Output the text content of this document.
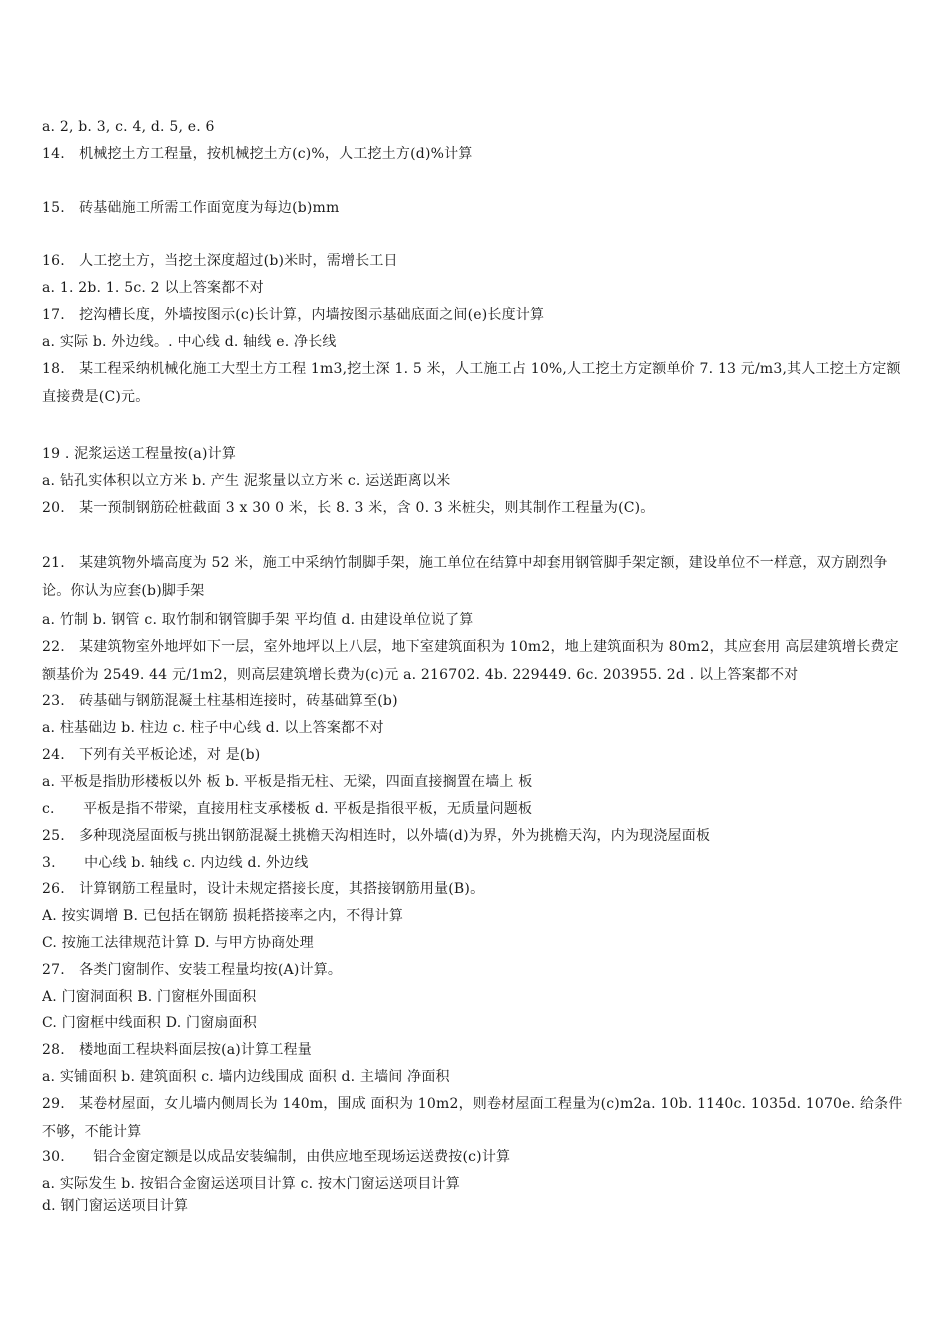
a. 2, b. 3, c. 4, d. 5, e. 6
14.　机械挖土方工程量，按机械挖土方(c)%，人工挖土方(d)%计算
15.　砖基础施工所需工作面宽度为每边(b)mm
16.　人工挖土方，当挖土深度超过(b)米时，需增长工日
a. 1. 2b. 1. 5c. 2 以上答案都不对
17.　挖沟槽长度，外墙按图示(c)长计算，内墙按图示基础底面之间(e)长度计算
a. 实际 b. 外边线。. 中心线 d. 轴线 e. 净长线
18.　某工程采纳机械化施工大型土方工程 1m3,挖土深 1. 5 米，人工施工占 10%,人工挖土方定额单价 7. 13 元/m3,其人工挖土方定额直接费是(C)元。
19 . 泥浆运送工程量按(a)计算
a. 钻孔实体积以立方米 b. 产生 泥浆量以立方米 c. 运送距离以米
20.　某一预制钢筋砼桩截面 3 x 30 0 米，长 8. 3 米，含 0. 3 米桩尖，则其制作工程量为(C)。
21.　某建筑物外墙高度为 52 米，施工中采纳竹制脚手架，施工单位在结算中却套用钢管脚手架定额，建设单位不一样意，双方剧烈争论。你认为应套(b)脚手架
a. 竹制 b. 钢管 c. 取竹制和钢管脚手架 平均值 d. 由建设单位说了算
22.　某建筑物室外地坪如下一层，室外地坪以上八层，地下室建筑面积为 10m2，地上建筑面积为 80m2，其应套用 高层建筑增长费定额基价为 2549. 44 元/1m2，则高层建筑增长费为(c)元 a. 216702. 4b. 229449. 6c. 203955. 2d . 以上答案都不对
23.　砖基础与钢筋混凝土柱基相连接时，砖基础算至(b)
a. 柱基础边 b. 柱边 c. 柱子中心线 d. 以上答案都不对
24.　下列有关平板论述，对 是(b)
a. 平板是指肋形楼板以外 板 b. 平板是指无柱、无梁，四面直接搁置在墙上 板
c.　　平板是指不带梁，直接用柱支承楼板 d. 平板是指很平板，无质量问题板
25.　多种现浇屋面板与挑出钢筋混凝土挑檐天沟相连时，以外墙(d)为界，外为挑檐天沟，内为现浇屋面板
3.　　中心线 b. 轴线 c. 内边线 d. 外边线
26.　计算钢筋工程量时，设计未规定搭接长度，其搭接钢筋用量(B)。
A. 按实调增 B. 已包括在钢筋 损耗搭接率之内，不得计算
C. 按施工法律规范计算 D. 与甲方协商处理
27.　各类门窗制作、安装工程量均按(A)计算。
A. 门窗洞面积 B. 门窗框外围面积
C. 门窗框中线面积 D. 门窗扇面积
28.　楼地面工程块料面层按(a)计算工程量
a. 实铺面积 b. 建筑面积 c. 墙内边线围成 面积 d. 主墙间 净面积
29.　某卷材屋面，女儿墙内侧周长为 140m，围成 面积为 10m2，则卷材屋面工程量为(c)m2a. 10b. 1140c. 1035d. 1070e. 给条件不够，不能计算
30.　　铝合金窗定额是以成品安装编制，由供应地至现场运送费按(c)计算
a. 实际发生 b. 按铝合金窗运送项目计算 c. 按木门窗运送项目计算
d. 钢门窗运送项目计算
